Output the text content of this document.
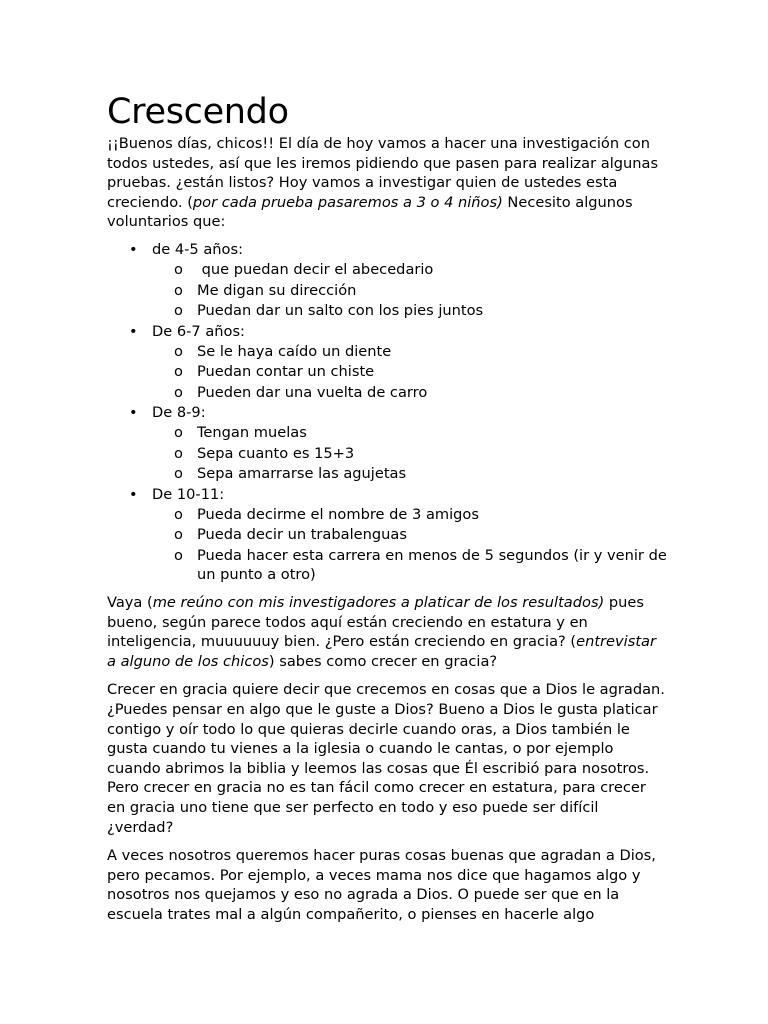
Crescendo

¡¡Buenos días, chicos!! El día de hoy vamos a hacer una investigación con todos ustedes, así que les iremos pidiendo que pasen para realizar algunas pruebas. ¿están listos? Hoy vamos a investigar quien de ustedes esta creciendo. (por cada prueba pasaremos a 3 o 4 niños) Necesito algunos voluntarios que:

• de 4-5 años:
o que puedan decir el abecedario
o Me digan su dirección
o Puedan dar un salto con los pies juntos
• De 6-7 años:
o Se le haya caído un diente
o Puedan contar un chiste
o Pueden dar una vuelta de carro
• De 8-9:
o Tengan muelas
o Sepa cuanto es 15+3
o Sepa amarrarse las agujetas
• De 10-11:
o Pueda decirme el nombre de 3 amigos
o Pueda decir un trabalenguas
o Pueda hacer esta carrera en menos de 5 segundos (ir y venir de un punto a otro)

Vaya (me reúno con mis investigadores a platicar de los resultados) pues bueno, según parece todos aquí están creciendo en estatura y en inteligencia, muuuuuuy bien. ¿Pero están creciendo en gracia? (entrevistar a alguno de los chicos) sabes como crecer en gracia?

Crecer en gracia quiere decir que crecemos en cosas que a Dios le agradan. ¿Puedes pensar en algo que le guste a Dios? Bueno a Dios le gusta platicar contigo y oír todo lo que quieras decirle cuando oras, a Dios también le gusta cuando tu vienes a la iglesia o cuando le cantas, o por ejemplo cuando abrimos la biblia y leemos las cosas que Él escribió para nosotros. Pero crecer en gracia no es tan fácil como crecer en estatura, para crecer en gracia uno tiene que ser perfecto en todo y eso puede ser difícil ¿verdad?

A veces nosotros queremos hacer puras cosas buenas que agradan a Dios, pero pecamos. Por ejemplo, a veces mama nos dice que hagamos algo y nosotros nos quejamos y eso no agrada a Dios. O puede ser que en la escuela trates mal a algún compañerito, o pienses en hacerle algo
